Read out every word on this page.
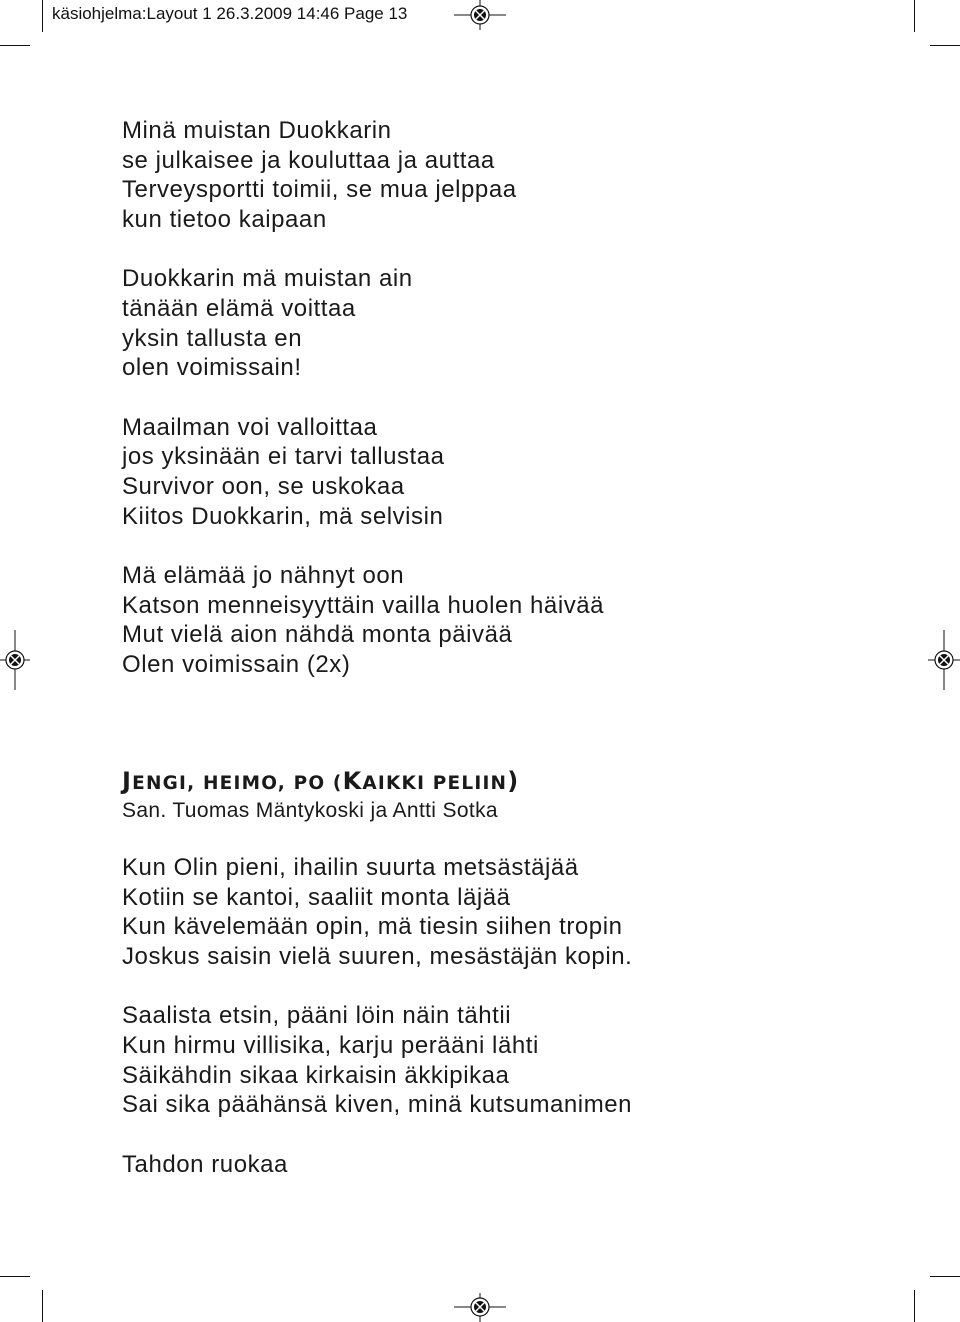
käsiohjelma:Layout 1 26.3.2009 14:46 Page 13
Minä muistan Duokkarin
se julkaisee ja kouluttaa ja auttaa
Terveysportti toimii, se mua jelppaa
kun tietoo kaipaan
Duokkarin mä muistan ain
tänään elämä voittaa
yksin tallusta en
olen voimissain!
Maailman voi valloittaa
jos yksinään ei tarvi tallustaa
Survivor oon, se uskokaa
Kiitos Duokkarin, mä selvisin
Mä elämää jo nähnyt oon
Katson menneisyyttäin vailla huolen häivää
Mut vielä aion nähdä monta päivää
Olen voimissain (2x)
JENGI, HEIMO, PO (KAIKKI PELIIN)
San. Tuomas Mäntykoski ja Antti Sotka
Kun Olin pieni, ihailin suurta metsästäjää
Kotiin se kantoi, saaliit monta läjää
Kun kävelemään opin, mä tiesin siihen tropin
Joskus saisin vielä suuren, mesästäjän kopin.
Saalista etsin, pääni löin näin tähtii
Kun hirmu villisika, karju perääni lähti
Säikähdin sikaa kirkaisin äkkipikaa
Sai sika päähänsä kiven, minä kutsumanimen
Tahdon ruokaa
